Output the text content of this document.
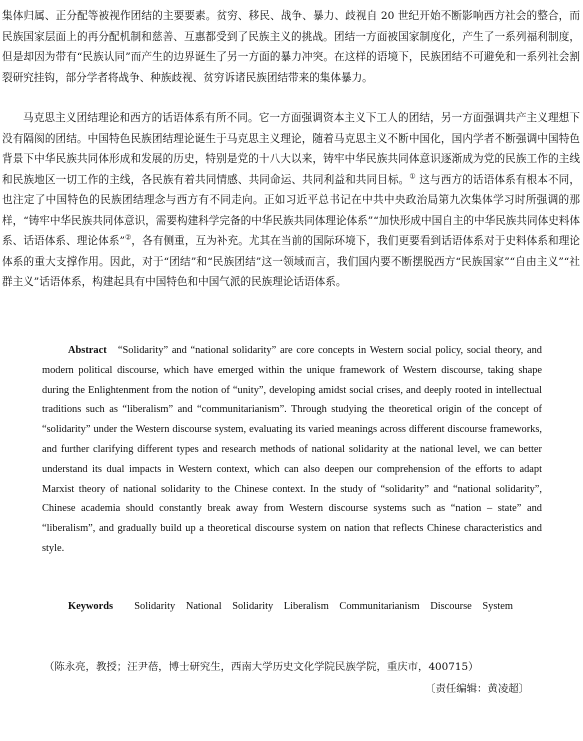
集体归属、正分配等被视作团结的主要要素。贫穷、移民、战争、暴力、歧视自 20 世纪开始不断影响西方社会的整合，而民族国家层面上的再分配机制和慈善、互惠都受到了民族主义的挑战。团结一方面被国家制度化，产生了一系列福利制度，但是却因为带有“民族认同”而产生的边界诞生了另一方面的暴力冲突。在这样的语境下，民族团结不可避免和一系列社会割裂研究挂钩，部分学者将战争、种族歧视、贫穷诉诸民族团结带来的集体暴力。

马克思主义团结理论和西方的话语体系有所不同。它一方面强调资本主义下工人的团结，另一方面强调共产主义理想下没有隔阂的团结。中国特色民族团结理论诞生于马克思主义理论，随着马克思主义不断中国化，国内学者不断强调中国特色背景下中华民族共同体形成和发展的历史，特别是党的十八大以来，铸牢中华民族共同体意识逐渐成为党的民族工作的主线和民族地区一切工作的主线，各民族有着共同情感、共同命运、共同利益和共同目标。① 这与西方的话语体系有根本不同，也注定了中国特色的民族团结理念与西方有不同走向。正如习近平总书记在中共中央政治局第九次集体学习时所强调的那样，“铸牢中华民族共同体意识，需要构建科学完备的中华民族共同体理论体系”“加快形成中国自主的中华民族共同体史料体系、话语体系、理论体系”②，各有侧重，互为补充。尤其在当前的国际环境下，我们更要看到话语体系对于史料体系和理论体系的重大支撑作用。因此，对于“团结”和“民族团结”这一领域而言，我们国内要不断摆脱西方“民族国家”“自由主义”“社群主义”话语体系，构建起具有中国特色和中国气派的民族理论话语体系。

Abstract “Solidarity” and “national solidarity” are core concepts in Western social policy, social theory, and modern political discourse, which have emerged within the unique framework of Western discourse, taking shape during the Enlightenment from the notion of “unity”, developing amidst social crises, and deeply rooted in intellectual traditions such as “liberalism” and “communitarianism”. Through studying the theoretical origin of the concept of “solidarity” under the Western discourse system, evaluating its varied meanings across different discourse frameworks, and further clarifying different types and research methods of national solidarity at the national level, we can better understand its dual impacts in Western context, which can also deepen our comprehension of the efforts to adapt Marxist theory of national solidarity to the Chinese context. In the study of “solidarity” and “national solidarity”, Chinese academia should constantly break away from Western discourse systems such as “nation – state” and “liberalism”, and gradually build up a theoretical discourse system on nation that reflects Chinese characteristics and style.

Keywords Solidarity National Solidarity Liberalism Communitarianism Discourse System

（陈永亮，教授；汪尹蓓，博士研究生，西南大学历史文化学院民族学院，重庆市，400715）

〔责任编辑：黄凌超〕
